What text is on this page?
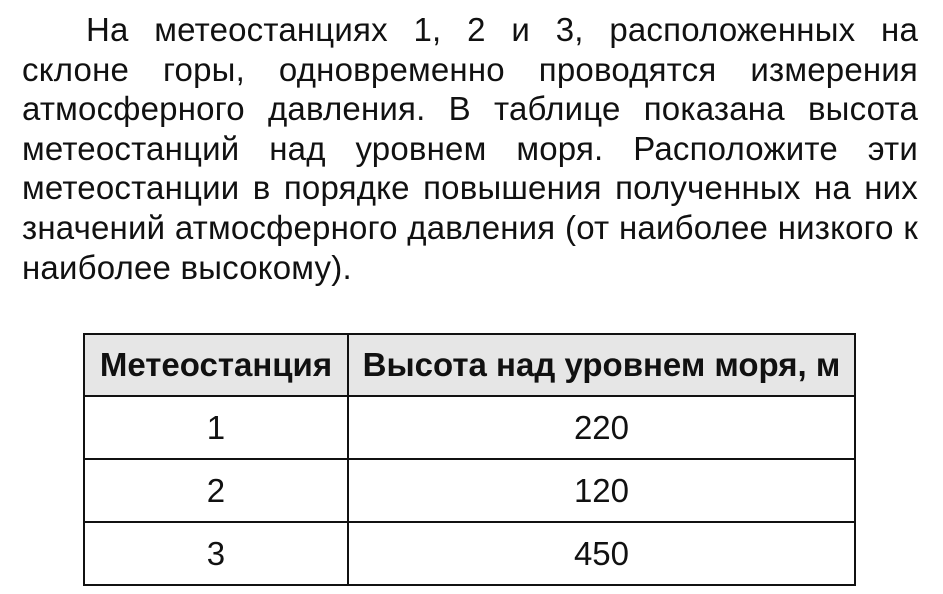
На метеостанциях 1, 2 и 3, расположенных на склоне горы, одновременно проводятся измерения атмосферного давления. В таблице показана высота метеостанций над уровнем моря. Расположите эти метеостанции в порядке повышения полученных на них значений атмосферного давления (от наиболее низкого к наиболее высокому).

Метеостанция	Высота над уровнем моря, м
1	220
2	120
3	450
